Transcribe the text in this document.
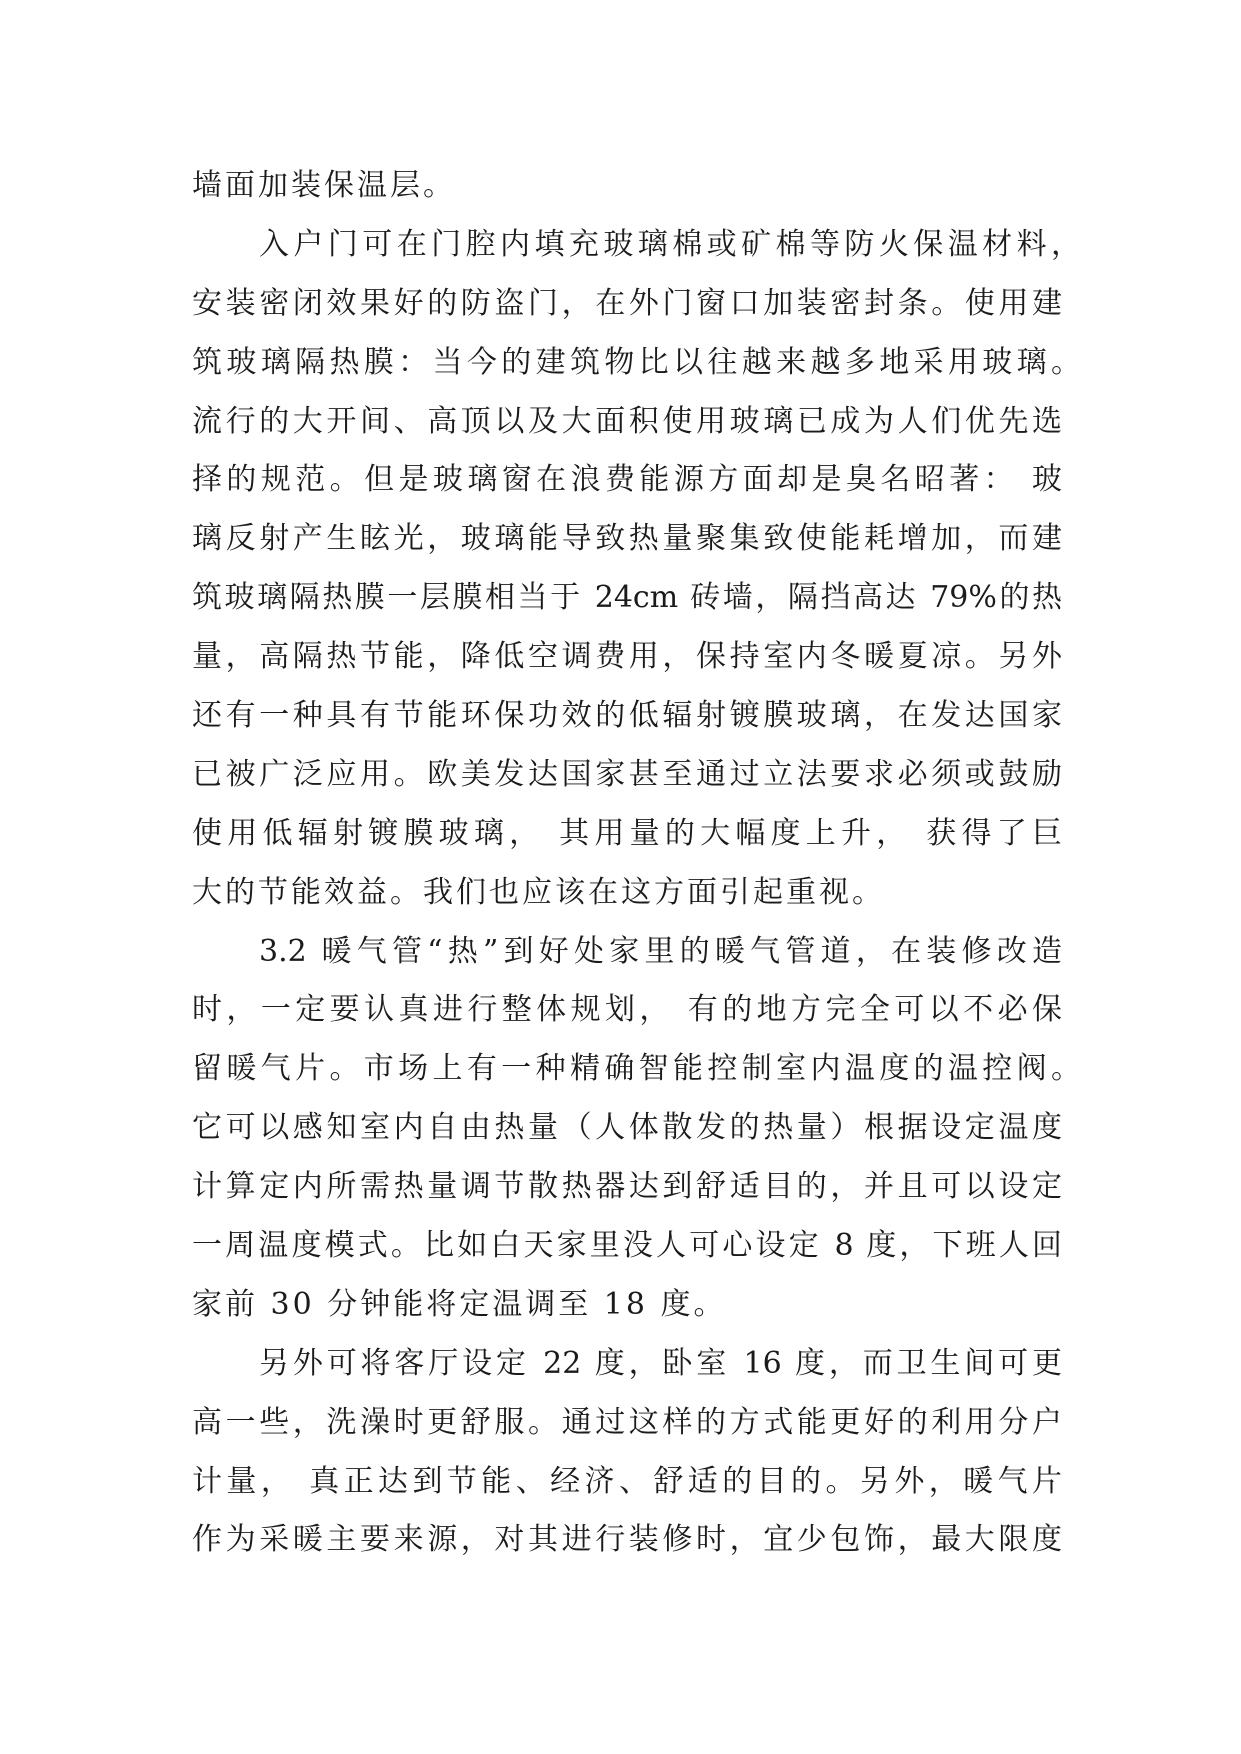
墙面加装保温层。
入户门可在门腔内填充玻璃棉或矿棉等防火保温材料，
安装密闭效果好的防盗门，在外门窗口加装密封条。使用建
筑玻璃隔热膜：当今的建筑物比以往越来越多地采用玻璃。
流行的大开间、高顶以及大面积使用玻璃已成为人们优先选
择的规范。但是玻璃窗在浪费能源方面却是臭名昭著： 玻
璃反射产生眩光，玻璃能导致热量聚集致使能耗增加，而建
筑玻璃隔热膜一层膜相当于 24cm 砖墙，隔挡高达 79%的热
量，高隔热节能，降低空调费用，保持室内冬暖夏凉。另外
还有一种具有节能环保功效的低辐射镀膜玻璃，在发达国家
已被广泛应用。欧美发达国家甚至通过立法要求必须或鼓励
使用低辐射镀膜玻璃， 其用量的大幅度上升， 获得了巨
大的节能效益。我们也应该在这方面引起重视。
3.2 暖气管“热”到好处家里的暖气管道，在装修改造
时，一定要认真进行整体规划， 有的地方完全可以不必保
留暖气片。市场上有一种精确智能控制室内温度的温控阀。
它可以感知室内自由热量（人体散发的热量）根据设定温度
计算定内所需热量调节散热器达到舒适目的，并且可以设定
一周温度模式。比如白天家里没人可心设定 8 度，下班人回
家前 30 分钟能将定温调至 18 度。
另外可将客厅设定 22 度，卧室 16 度，而卫生间可更
高一些，洗澡时更舒服。通过这样的方式能更好的利用分户
计量， 真正达到节能、经济、舒适的目的。另外，暖气片
作为采暖主要来源，对其进行装修时，宜少包饰，最大限度
